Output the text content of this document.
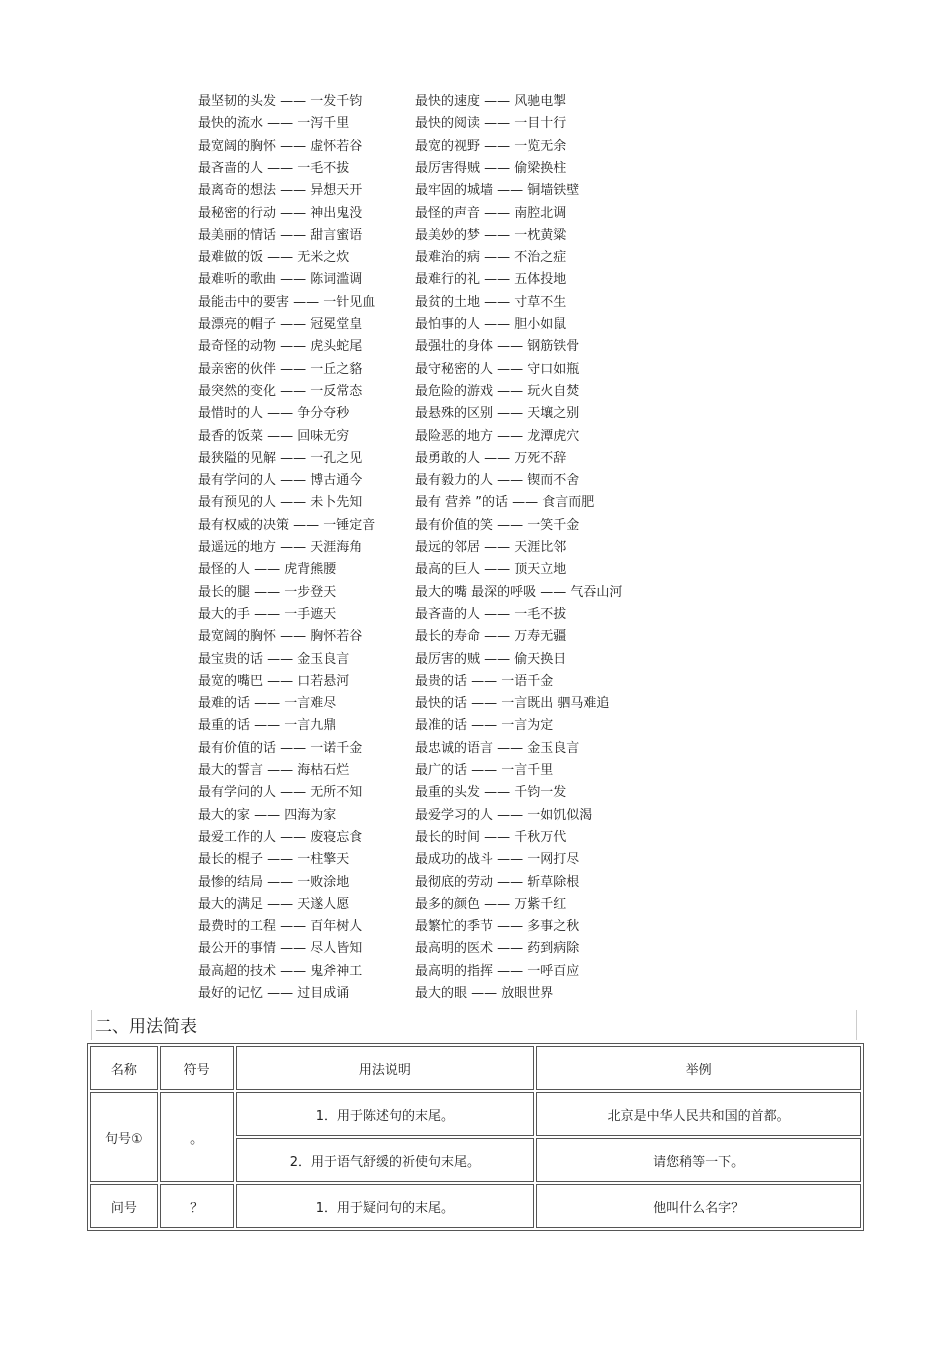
最坚韧的头发 —— 一发千钧	最快的速度 —— 风驰电掣
最快的流水 —— 一泻千里	最快的阅读 —— 一目十行
最宽阔的胸怀 —— 虚怀若谷	最宽的视野 —— 一览无余
最吝啬的人 —— 一毛不拔	最厉害得贼 —— 偷梁换柱
最离奇的想法 —— 异想天开	最牢固的城墙 —— 铜墙铁壁
最秘密的行动 —— 神出鬼没	最怪的声音 —— 南腔北调
最美丽的情话 —— 甜言蜜语	最美妙的梦 —— 一枕黄粱
最难做的饭 —— 无米之炊	最难治的病 —— 不治之症
最难听的歌曲 —— 陈词滥调	最难行的礼 —— 五体投地
最能击中的要害 —— 一针见血	最贫的土地 —— 寸草不生
最漂亮的帽子 —— 冠冕堂皇	最怕事的人 —— 胆小如鼠
最奇怪的动物 —— 虎头蛇尾	最强壮的身体 —— 钢筋铁骨
最亲密的伙伴 —— 一丘之貉	最守秘密的人 —— 守口如瓶
最突然的变化 —— 一反常态	最危险的游戏 —— 玩火自焚
最惜时的人 —— 争分夺秒	最悬殊的区别 —— 天壤之别
最香的饭菜 —— 回味无穷	最险恶的地方 —— 龙潭虎穴
最狭隘的见解 —— 一孔之见	最勇敢的人 —— 万死不辞
最有学问的人 —— 博古通今	最有毅力的人 —— 锲而不舍
最有预见的人 —— 未卜先知	最有 营养 ”的话 —— 食言而肥
最有权威的决策 —— 一锤定音	最有价值的笑 —— 一笑千金
最遥远的地方 —— 天涯海角	最远的邻居 —— 天涯比邻
最怪的人 —— 虎背熊腰	最高的巨人 —— 顶天立地
最长的腿 —— 一步登天	最大的嘴 最深的呼吸 —— 气吞山河
最大的手 —— 一手遮天	最吝啬的人 —— 一毛不拔
最宽阔的胸怀 —— 胸怀若谷	最长的寿命 —— 万寿无疆
最宝贵的话 —— 金玉良言	最厉害的贼 —— 偷天换日
最宽的嘴巴 —— 口若悬河	最贵的话 —— 一语千金
最难的话 —— 一言难尽	最快的话 —— 一言既出 驷马难追
最重的话 —— 一言九鼎	最准的话 —— 一言为定
最有价值的话 —— 一诺千金	最忠诚的语言 —— 金玉良言
最大的誓言 —— 海枯石烂	最广的话 —— 一言千里
最有学问的人 —— 无所不知	最重的头发 —— 千钧一发
最大的家 —— 四海为家	最爱学习的人 —— 一如饥似渴
最爱工作的人 —— 废寝忘食	最长的时间 —— 千秋万代
最长的棍子 —— 一柱擎天	最成功的战斗 —— 一网打尽
最惨的结局 —— 一败涂地	最彻底的劳动 —— 斩草除根
最大的满足 —— 天遂人愿	最多的颜色 —— 万紫千红
最费时的工程 —— 百年树人	最繁忙的季节 —— 多事之秋
最公开的事情 —— 尽人皆知	最高明的医术 —— 药到病除
最高超的技术 —— 鬼斧神工	最高明的指挥 —— 一呼百应
最好的记忆 —— 过目成诵	最大的眼 —— 放眼世界
二、用法简表
名称	符号	用法说明	举例
句号①	。	1．用于陈述句的末尾。	北京是中华人民共和国的首都。
		2．用于语气舒缓的祈使句末尾。	请您稍等一下。
问号	？	1．用于疑问句的末尾。	他叫什么名字？
